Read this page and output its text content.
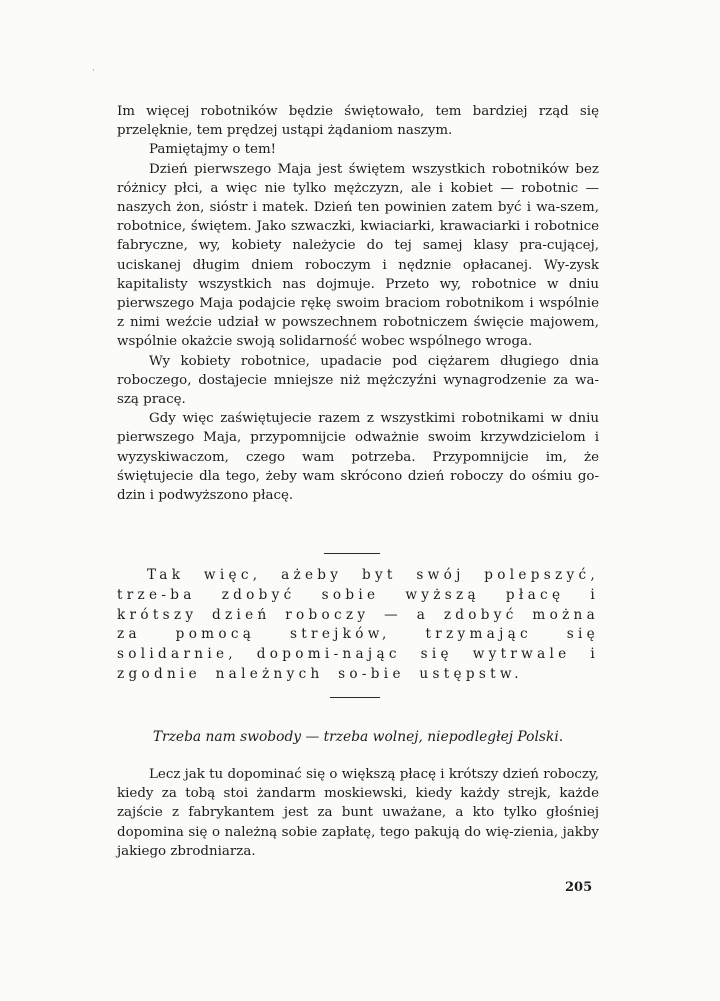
·

Im więcej robotników będzie świętowało, tem bardziej rząd się przelęknie, tem prędzej ustąpi żądaniom naszym.

Pamiętajmy o tem!

Dzień pierwszego Maja jest świętem wszystkich robotników bez różnicy płci, a więc nie tylko mężczyzn, ale i kobiet — robotnic — naszych żon, sióstr i matek. Dzień ten powinien zatem być i wa-szem, robotnice, świętem. Jako szwaczki, kwiaciarki, krawaciarki i robotnice fabryczne, wy, kobiety należycie do tej samej klasy pra-cującej, uciskanej długim dniem roboczym i nędznie opłacanej. Wy-zysk kapitalisty wszystkich nas dojmuje. Przeto wy, robotnice w dniu pierwszego Maja podajcie rękę swoim braciom robotnikom i wspólnie z nimi weźcie udział w powszechnem robotniczem święcie majowem, wspólnie okażcie swoją solidarność wobec wspólnego wroga.

Wy kobiety robotnice, upadacie pod ciężarem długiego dnia roboczego, dostajecie mniejsze niż mężczyźni wynagrodzenie za wa-szą pracę.

Gdy więc zaświętujecie razem z wszystkimi robotnikami w dniu pierwszego Maja, przypomnijcie odważnie swoim krzywdzicielom i wyzyskiwaczom, czego wam potrzeba. Przypomnijcie im, że świętujecie dla tego, żeby wam skrócono dzień roboczy do ośmiu go-dzin i podwyższono płacę.

Tak więc, ażeby byt swój polepszyć, trze-ba zdobyć sobie wyższą płacę i krótszy dzień roboczy — a zdobyć można za pomocą strejków, trzymając się solidarnie, dopomi-nając się wytrwale i zgodnie należnych so-bie ustępstw.
Trzeba nam swobody — trzeba wolnej, niepodległej Polski.

Lecz jak tu dopominać się o większą płacę i krótszy dzień roboczy, kiedy za tobą stoi żandarm moskiewski, kiedy każdy strejk, każde zajście z fabrykantem jest za bunt uważane, a kto tylko głośniej dopomina się o należną sobie zapłatę, tego pakują do wię-zienia, jakby jakiego zbrodniarza.

205
